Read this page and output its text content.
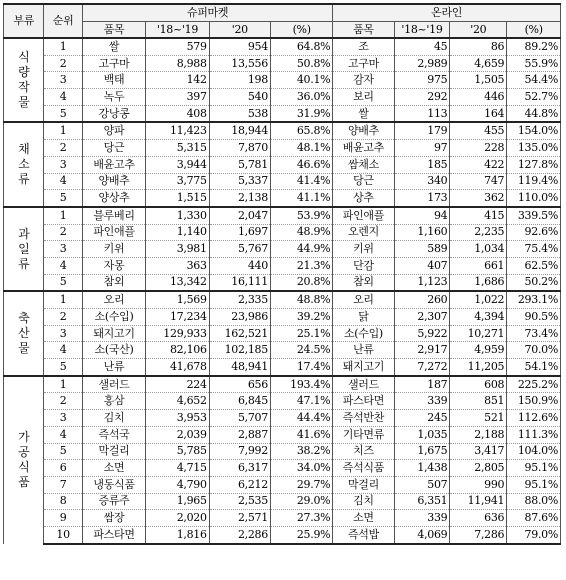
부류	순위	슈퍼마켓				온라인			
		품목	'18~'19	'20	(%)	품목	'18~'19	'20	(%)

식량작물	1	쌀	579	954	64.8%	조	45	86	89.2%
	2	고구마	8,988	13,556	50.8%	고구마	2,989	4,659	55.9%
	3	백태	142	198	40.1%	감자	975	1,505	54.4%
	4	녹두	397	540	36.0%	보리	292	446	52.7%
	5	강낭콩	408	538	31.9%	쌀	113	164	44.8%

채소류	1	양파	11,423	18,944	65.8%	양배추	179	455	154.0%
	2	당근	5,315	7,870	48.1%	배윤고추	97	228	135.0%
	3	배윤고추	3,944	5,781	46.6%	쌈채소	185	422	127.8%
	4	양배추	3,775	5,337	41.4%	당근	340	747	119.4%
	5	양상추	1,515	2,138	41.1%	상추	173	362	110.0%

과일류	1	블루베리	1,330	2,047	53.9%	파인애플	94	415	339.5%
	2	파인애플	1,140	1,697	48.9%	오렌지	1,160	2,235	92.6%
	3	키위	3,981	5,767	44.9%	키위	589	1,034	75.4%
	4	자몽	363	440	21.3%	단감	407	661	62.5%
	5	참외	13,342	16,111	20.8%	참외	1,123	1,686	50.2%

축산물	1	오리	1,569	2,335	48.8%	오리	260	1,022	293.1%
	2	소(수입)	17,234	23,986	39.2%	닭	2,307	4,394	90.5%
	3	돼지고기	129,933	162,521	25.1%	소(수입)	5,922	10,271	73.4%
	4	소(국산)	82,106	102,185	24.5%	난류	2,917	4,959	70.0%
	5	난류	41,678	48,941	17.4%	돼지고기	7,272	11,205	54.1%

가공식품	1	샐러드	224	656	193.4%	샐러드	187	608	225.2%
	2	홍삼	4,652	6,845	47.1%	파스타면	339	851	150.9%
	3	김치	3,953	5,707	44.4%	즉석반찬	245	521	112.6%
	4	즉석국	2,039	2,887	41.6%	기타면류	1,035	2,188	111.3%
	5	막걸리	5,785	7,992	38.2%	치즈	1,675	3,417	104.0%
	6	소면	4,715	6,317	34.0%	즉석식품	1,438	2,805	95.1%
	7	냉동식품	4,790	6,212	29.7%	막걸리	507	990	95.1%
	8	증류주	1,965	2,535	29.0%	김치	6,351	11,941	88.0%
	9	쌈장	2,020	2,571	27.3%	소면	339	636	87.6%
	10	파스타면	1,816	2,286	25.9%	즉석밥	4,069	7,286	79.0%
